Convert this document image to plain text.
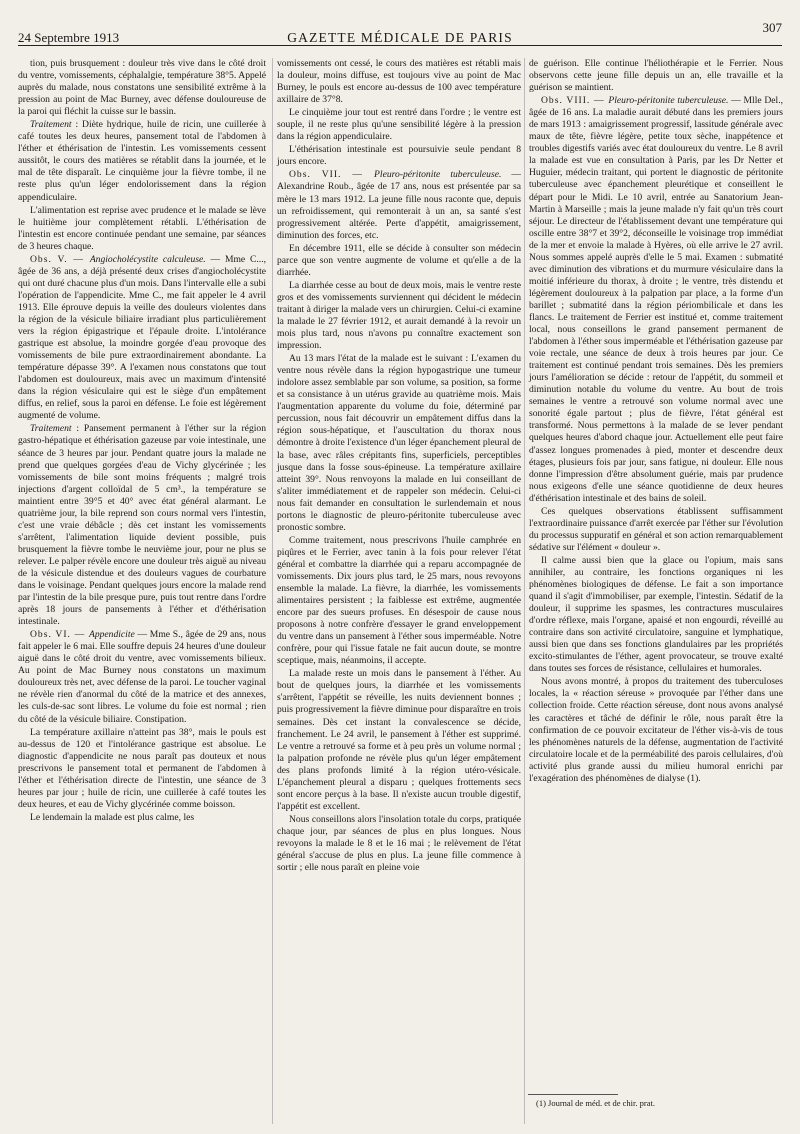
24 Septembre 1913	GAZETTE MÉDICALE DE PARIS
307

tion, puis brusquement : douleur très vive dans le côté droit du ventre, vomissements, céphalalgie, température 38°5. Appelé auprès du malade, nous constatons une sensibilité extrême à la pression au point de Mac Burney, avec défense douloureuse de la paroi qui fléchit la cuisse sur le bassin.

Traitement : Diète hydrique, huile de ricin, une cuillerée à café toutes les deux heures, pansement total de l'abdomen à l'éther et éthérisation de l'intestin. Les vomissements cessent aussitôt, le cours des matières se rétablit dans la journée, et le mal de tête disparaît. Le cinquième jour la fièvre tombe, il ne reste plus qu'un léger endolorissement dans la région appendiculaire.

L'alimentation est reprise avec prudence et le malade se lève le huitième jour complètement rétabli. L'éthérisation de l'intestin est encore continuée pendant une semaine, par séances de 3 heures chaque.

Obs. V. — Angiocholécystite calculeuse. — Mme C..., âgée de 36 ans, a déjà présenté deux crises d'angiocholécystite qui ont duré chacune plus d'un mois. Dans l'intervalle elle a subi l'opération de l'appendicite. Mme C., me fait appeler le 4 avril 1913. Elle éprouve depuis la veille des douleurs violentes dans la région de la vésicule biliaire irradiant plus particulièrement vers la région épigastrique et l'épaule droite. L'intolérance gastrique est absolue, la moindre gorgée d'eau provoque des vomissements de bile pure extraordinairement abondante. La température dépasse 39°. A l'examen nous constatons que tout l'abdomen est douloureux, mais avec un maximum d'intensité dans la région vésiculaire qui est le siège d'un empâtement diffus, en relief, sous la paroi en défense. Le foie est légèrement augmenté de volume.

Traitement : Pansement permanent à l'éther sur la région gastro-hépatique et éthérisation gazeuse par voie intestinale, une séance de 3 heures par jour. Pendant quatre jours la malade ne prend que quelques gorgées d'eau de Vichy glycérinée ; les vomissements de bile sont moins fréquents ; malgré trois injections d'argent colloïdal de 5 cm³., la température se maintient entre 39°5 et 40° avec état général alarmant. Le quatrième jour, la bile reprend son cours normal vers l'intestin, c'est une vraie débâcle ; dès cet instant les vomissements s'arrêtent, l'alimentation liquide devient possible, puis brusquement la fièvre tombe le neuvième jour, pour ne plus se relever. Le palper révèle encore une douleur très aiguë au niveau de la vésicule distendue et des douleurs vagues de courbature dans le voisinage. Pendant quelques jours encore la malade rend par l'intestin de la bile presque pure, puis tout rentre dans l'ordre après 18 jours de pansements à l'éther et d'éthérisation intestinale.

Obs. VI. — Appendicite — Mme S., âgée de 29 ans, nous fait appeler le 6 mai. Elle souffre depuis 24 heures d'une douleur aiguë dans le côté droit du ventre, avec vomissements bilieux. Au point de Mac Burney nous constatons un maximum douloureux très net, avec défense de la paroi. Le toucher vaginal ne révèle rien d'anormal du côté de la matrice et des annexes, les culs-de-sac sont libres. Le volume du foie est normal ; rien du côté de la vésicule biliaire. Constipation.

La température axillaire n'atteint pas 38°, mais le pouls est au-dessus de 120 et l'intolérance gastrique est absolue. Le diagnostic d'appendicite ne nous paraît pas douteux et nous prescrivons le pansement total et permanent de l'abdomen à l'éther et l'éthérisation directe de l'intestin, une séance de 3 heures par jour ; huile de ricin, une cuillerée à café toutes les deux heures, et eau de Vichy glycérinée comme boisson.

Le lendemain la malade est plus calme, les

vomissements ont cessé, le cours des matières est rétabli mais la douleur, moins diffuse, est toujours vive au point de Mac Burney, le pouls est encore au-dessus de 100 avec température axillaire de 37°8.

Le cinquième jour tout est rentré dans l'ordre ; le ventre est souple, il ne reste plus qu'une sensibilité légère à la pression dans la région appendiculaire.

L'éthérisation intestinale est poursuivie seule pendant 8 jours encore.

Obs. VII. — Pleuro-péritonite tuberculeuse. — Alexandrine Roub., âgée de 17 ans, nous est présentée par sa mère le 13 mars 1912. La jeune fille nous raconte que, depuis un refroidissement, qui remonterait à un an, sa santé s'est progressivement altérée. Perte d'appétit, amaigrissement, diminution des forces, etc.

En décembre 1911, elle se décide à consulter son médecin parce que son ventre augmente de volume et qu'elle a de la diarrhée.

La diarrhée cesse au bout de deux mois, mais le ventre reste gros et des vomissements surviennent qui décident le médecin traitant à diriger la malade vers un chirurgien. Celui-ci examine la malade le 27 février 1912, et aurait demandé à la revoir un mois plus tard, nous n'avons pu connaître exactement son impression.

Au 13 mars l'état de la malade est le suivant : L'examen du ventre nous révèle dans la région hypogastrique une tumeur indolore assez semblable par son volume, sa position, sa forme et sa consistance à un utérus gravide au quatrième mois. Mais l'augmentation apparente du volume du foie, déterminé par percussion, nous fait découvrir un empâtement diffus dans la région sous-hépatique, et l'auscultation du thorax nous démontre à droite l'existence d'un léger épanchement pleural de la base, avec râles crépitants fins, superficiels, perceptibles jusque dans la fosse sous-épineuse. La température axillaire atteint 39°. Nous renvoyons la malade en lui conseillant de s'aliter immédiatement et de rappeler son médecin. Celui-ci nous fait demander en consultation le surlendemain et nous portons le diagnostic de pleuro-péritonite tuberculeuse avec pronostic sombre.

Comme traitement, nous prescrivons l'huile camphrée en piqûres et le Ferrier, avec tanin à la fois pour relever l'état général et combattre la diarrhée qui a reparu accompagnée de vomissements. Dix jours plus tard, le 25 mars, nous revoyons ensemble la malade. La fièvre, la diarrhée, les vomissements alimentaires persistent ; la faiblesse est extrême, augmentée encore par des sueurs profuses. En désespoir de cause nous proposons à notre confrère d'essayer le grand enveloppement du ventre dans un pansement à l'éther sous imperméable. Notre confrère, pour qui l'issue fatale ne fait aucun doute, se montre sceptique, mais, néanmoins, il accepte.

La malade reste un mois dans le pansement à l'éther. Au bout de quelques jours, la diarrhée et les vomissements s'arrêtent, l'appétit se réveille, les nuits deviennent bonnes ; puis progressivement la fièvre diminue pour disparaître en trois semaines. Dès cet instant la convalescence se décide, franchement. Le 24 avril, le pansement à l'éther est supprimé. Le ventre a retrouvé sa forme et à peu près un volume normal ; la palpation profonde ne révèle plus qu'un léger empâtement des plans profonds limité à la région utéro-vésicale. L'épanchement pleural a disparu ; quelques frottements secs sont encore perçus à la base. Il n'existe aucun trouble digestif, l'appétit est excellent.

Nous conseillons alors l'insolation totale du corps, pratiquée chaque jour, par séances de plus en plus longues. Nous revoyons la malade le 8 et le 16 mai ; le relèvement de l'état général s'accuse de plus en plus. La jeune fille commence à sortir ; elle nous paraît en pleine voie

de guérison. Elle continue l'héliothérapie et le Ferrier. Nous observons cette jeune fille depuis un an, elle travaille et la guérison se maintient.

Obs. VIII. — Pleuro-péritonite tuberculeuse. — Mlle Del., âgée de 16 ans. La maladie aurait débuté dans les premiers jours de mars 1913 : amaigrissement progressif, lassitude générale avec maux de tête, fièvre légère, petite toux sèche, inappétence et troubles digestifs variés avec état douloureux du ventre. Le 8 avril la malade est vue en consultation à Paris, par les Dr Netter et Huguier, médecin traitant, qui portent le diagnostic de péritonite tuberculeuse avec épanchement pleurétique et conseillent le départ pour le Midi. Le 10 avril, entrée au Sanatorium Jean-Martin à Marseille ; mais la jeune malade n'y fait qu'un très court séjour. Le directeur de l'établissement devant une température qui oscille entre 38°7 et 39°2, déconseille le voisinage trop immédiat de la mer et envoie la malade à Hyères, où elle arrive le 27 avril. Nous sommes appelé auprès d'elle le 5 mai. Examen : submatité avec diminution des vibrations et du murmure vésiculaire dans la moitié inférieure du thorax, à droite ; le ventre, très distendu et légèrement douloureux à la palpation par place, a la forme d'un barillet ; submatité dans la région périombilicale et dans les flancs. Le traitement de Ferrier est institué et, comme traitement local, nous conseillons le grand pansement permanent de l'abdomen à l'éther sous imperméable et l'éthérisation gazeuse par voie rectale, une séance de deux à trois heures par jour. Ce traitement est continué pendant trois semaines. Dès les premiers jours l'amélioration se décide : retour de l'appétit, du sommeil et diminution notable du volume du ventre. Au bout de trois semaines le ventre a retrouvé son volume normal avec une sonorité égale partout ; plus de fièvre, l'état général est transformé. Nous permettons à la malade de se lever pendant quelques heures d'abord chaque jour. Actuellement elle peut faire d'assez longues promenades à pied, monter et descendre deux étages, plusieurs fois par jour, sans fatigue, ni douleur. Elle nous donne l'impression d'être absolument guérie, mais par prudence nous exigeons d'elle une séance quotidienne de deux heures d'éthérisation intestinale et des bains de soleil.

Ces quelques observations établissent suffisamment l'extraordinaire puissance d'arrêt exercée par l'éther sur l'évolution du processus suppuratif en général et son action remarquablement sédative sur l'élément « douleur ».

Il calme aussi bien que la glace ou l'opium, mais sans annihiler, au contraire, les fonctions organiques ni les phénomènes biologiques de défense. Le fait a son importance quand il s'agit d'immobiliser, par exemple, l'intestin. Sédatif de la douleur, il supprime les spasmes, les contractures musculaires d'ordre réflexe, mais l'organe, apaisé et non engourdi, réveillé au contraire dans son activité circulatoire, sanguine et lymphatique, aussi bien que dans ses fonctions glandulaires par les propriétés excito-stimulantes de l'éther, agent provocateur, se trouve exalté dans toutes ses forces de résistance, cellulaires et humorales.

Nous avons montré, à propos du traitement des tuberculoses locales, la « réaction séreuse » provoquée par l'éther dans une collection froide. Cette réaction séreuse, dont nous avons analysé les caractères et tâché de définir le rôle, nous paraît être la confirmation de ce pouvoir excitateur de l'éther vis-à-vis de tous les phénomènes naturels de la défense, augmentation de l'activité circulatoire locale et de la perméabilité des parois cellulaires, d'où activité plus grande aussi du milieu humoral enrichi par l'exagération des phénomènes de dialyse (1).

(1) Journal de méd. et de chir. prat.
